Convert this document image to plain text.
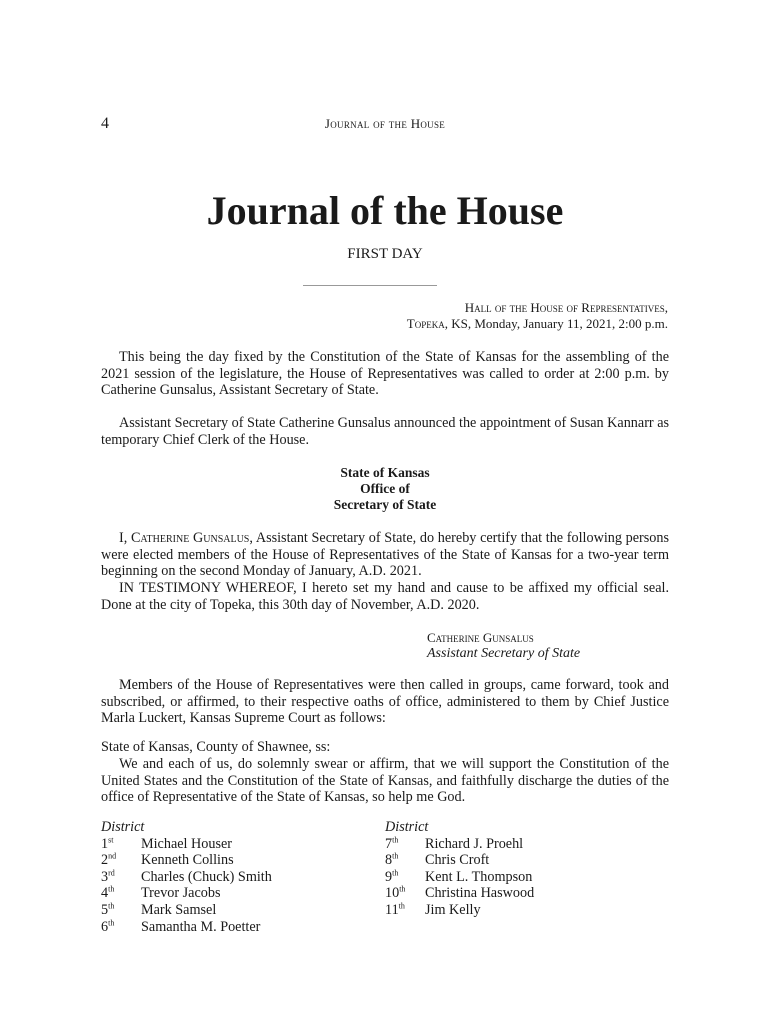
4	Journal of the House
Journal of the House
FIRST DAY
Hall of the House of Representatives,
Topeka, KS, Monday, January 11, 2021, 2:00 p.m.

This being the day fixed by the Constitution of the State of Kansas for the assembling of the 2021 session of the legislature, the House of Representatives was called to order at 2:00 p.m. by Catherine Gunsalus, Assistant Secretary of State.

Assistant Secretary of State Catherine Gunsalus announced the appointment of Susan Kannarr as temporary Chief Clerk of the House.

State of Kansas
Office of
Secretary of State

I, Catherine Gunsalus, Assistant Secretary of State, do hereby certify that the following persons were elected members of the House of Representatives of the State of Kansas for a two-year term beginning on the second Monday of January, A.D. 2021.

IN TESTIMONY WHEREOF, I hereto set my hand and cause to be affixed my official seal. Done at the city of Topeka, this 30th day of November, A.D. 2020.

Catherine Gunsalus
Assistant Secretary of State

Members of the House of Representatives were then called in groups, came forward, took and subscribed, or affirmed, to their respective oaths of office, administered to them by Chief Justice Marla Luckert, Kansas Supreme Court as follows:

State of Kansas, County of Shawnee, ss:

We and each of us, do solemnly swear or affirm, that we will support the Constitution of the United States and the Constitution of the State of Kansas, and faithfully discharge the duties of the office of Representative of the State of Kansas, so help me God.

District
1st	Michael Houser
2nd	Kenneth Collins
3rd	Charles (Chuck) Smith
4th	Trevor Jacobs
5th	Mark Samsel
6th	Samantha M. Poetter
District
7th	Richard J. Proehl
8th	Chris Croft
9th	Kent L. Thompson
10th	Christina Haswood
11th	Jim Kelly
